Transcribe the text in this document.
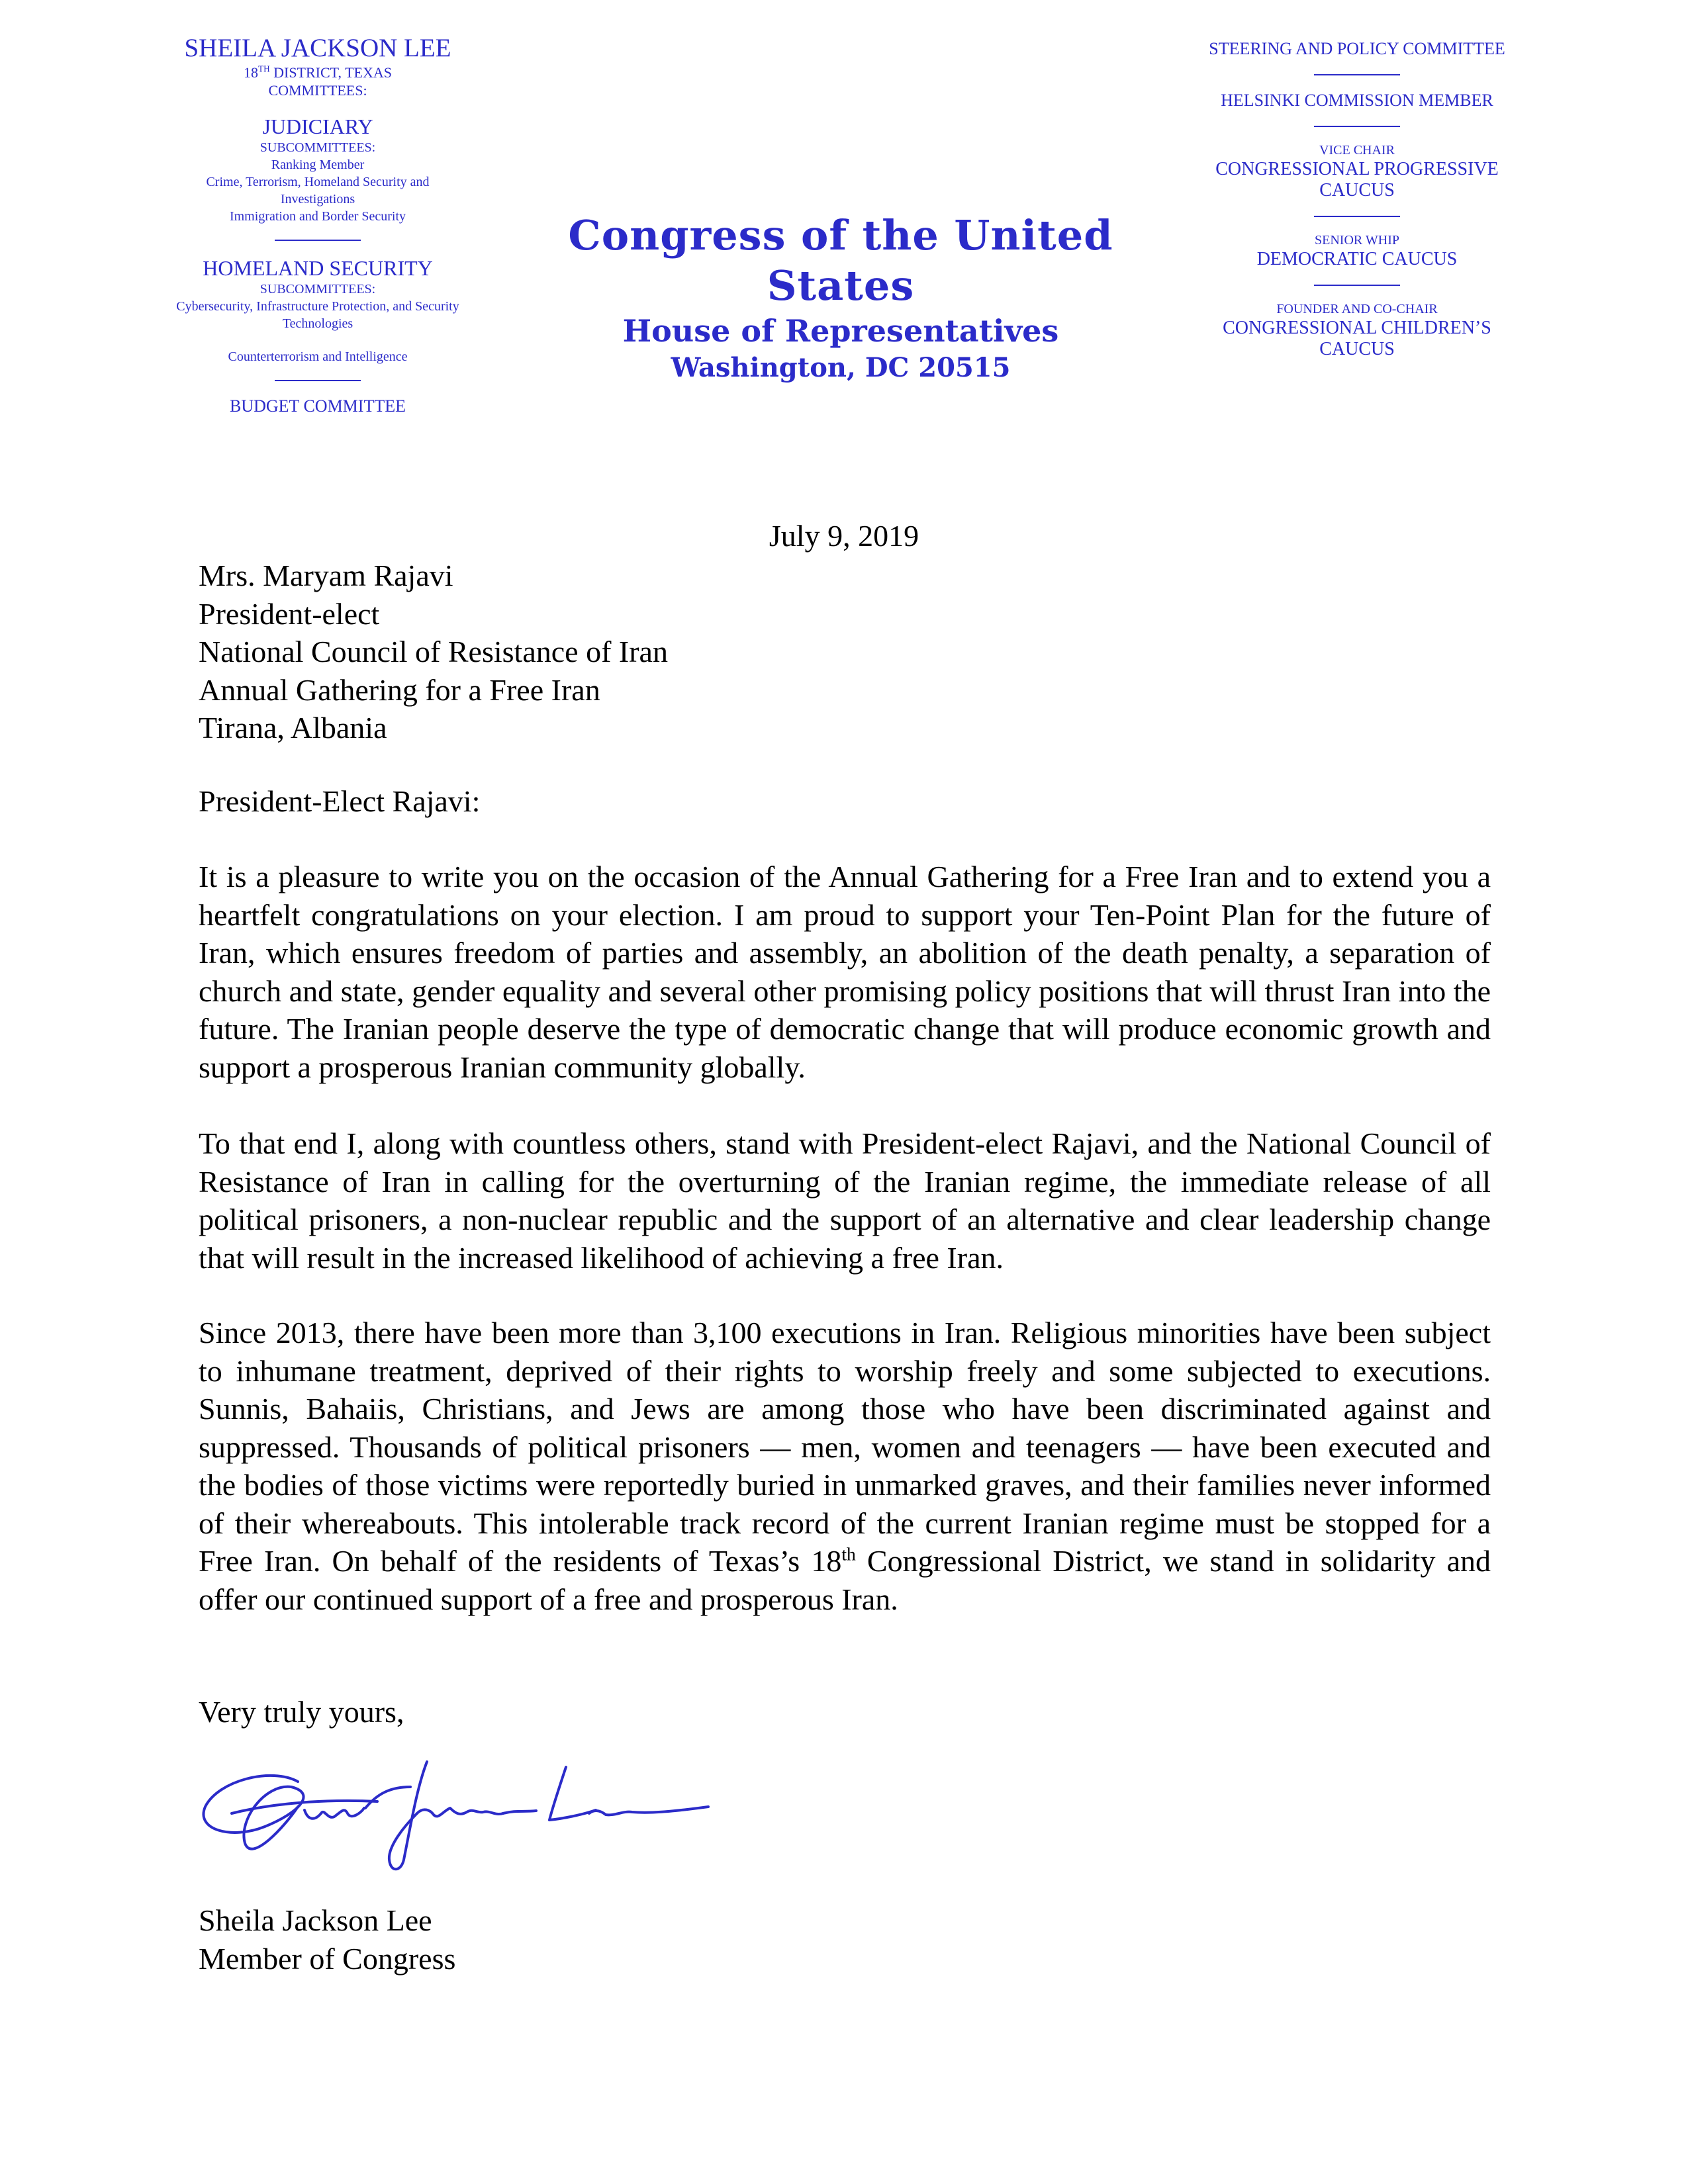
SHEILA JACKSON LEE
18TH DISTRICT, TEXAS
COMMITTEES:
JUDICIARY
SUBCOMMITTEES:
Ranking Member
Crime, Terrorism, Homeland Security and
Investigations
Immigration and Border Security
HOMELAND SECURITY
SUBCOMMITTEES:
Cybersecurity, Infrastructure Protection, and Security
Technologies
Counterterrorism and Intelligence
BUDGET COMMITTEE
Congress of the United States
House of Representatives
Washington, DC 20515
STEERING AND POLICY COMMITTEE
HELSINKI COMMISSION MEMBER
VICE CHAIR
CONGRESSIONAL PROGRESSIVE
CAUCUS
SENIOR WHIP
DEMOCRATIC CAUCUS
FOUNDER AND CO-CHAIR
CONGRESSIONAL CHILDREN’S
CAUCUS
July 9, 2019
Mrs. Maryam Rajavi
President-elect
National Council of Resistance of Iran
Annual Gathering for a Free Iran
Tirana, Albania
President-Elect Rajavi:
It is a pleasure to write you on the occasion of the Annual Gathering for a Free Iran and to extend you a heartfelt congratulations on your election. I am proud to support your Ten-Point Plan for the future of Iran, which ensures freedom of parties and assembly, an abolition of the death penalty, a separation of church and state, gender equality and several other promising policy positions that will thrust Iran into the future. The Iranian people deserve the type of democratic change that will produce economic growth and support a prosperous Iranian community globally.
To that end I, along with countless others, stand with President-elect Rajavi, and the National Council of Resistance of Iran in calling for the overturning of the Iranian regime, the immediate release of all political prisoners, a non-nuclear republic and the support of an alternative and clear leadership change that will result in the increased likelihood of achieving a free Iran.
Since 2013, there have been more than 3,100 executions in Iran. Religious minorities have been subject to inhumane treatment, deprived of their rights to worship freely and some subjected to executions. Sunnis, Bahaiis, Christians, and Jews are among those who have been discriminated against and suppressed. Thousands of political prisoners — men, women and teenagers — have been executed and the bodies of those victims were reportedly buried in unmarked graves, and their families never informed of their whereabouts. This intolerable track record of the current Iranian regime must be stopped for a Free Iran. On behalf of the residents of Texas’s 18th Congressional District, we stand in solidarity and offer our continued support of a free and prosperous Iran.
Very truly yours,
Sheila Jackson Lee
Member of Congress
